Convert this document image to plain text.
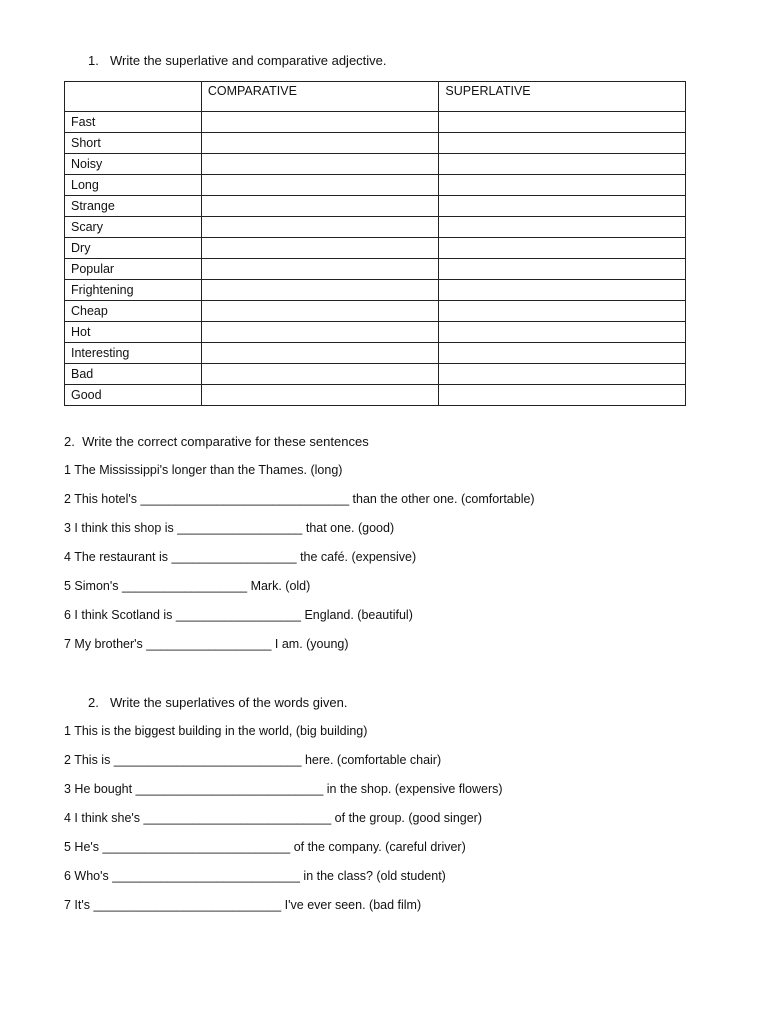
1. Write the superlative and comparative adjective.
	COMPARATIVE	SUPERLATIVE
Fast		
Short		
Noisy		
Long		
Strange		
Scary		
Dry		
Popular		
Frightening		
Cheap		
Hot		
Interesting		
Bad		
Good		
2. Write the correct comparative for these sentences
1 The Mississippi's longer than the Thames. (long)
2 This hotel's ______________________________ than the other one. (comfortable)
3 I think this shop is __________________ that one. (good)
4 The restaurant is __________________ the café. (expensive)
5 Simon's __________________ Mark. (old)
6 I think Scotland is __________________ England. (beautiful)
7 My brother's __________________ I am. (young)
2. Write the superlatives of the words given.
1 This is the biggest building in the world, (big building)
2 This is ___________________________ here. (comfortable chair)
3 He bought ___________________________ in the shop. (expensive flowers)
4 I think she's ___________________________ of the group. (good singer)
5 He's ___________________________ of the company. (careful driver)
6 Who's ___________________________ in the class? (old student)
7 It's ___________________________ I've ever seen. (bad film)
